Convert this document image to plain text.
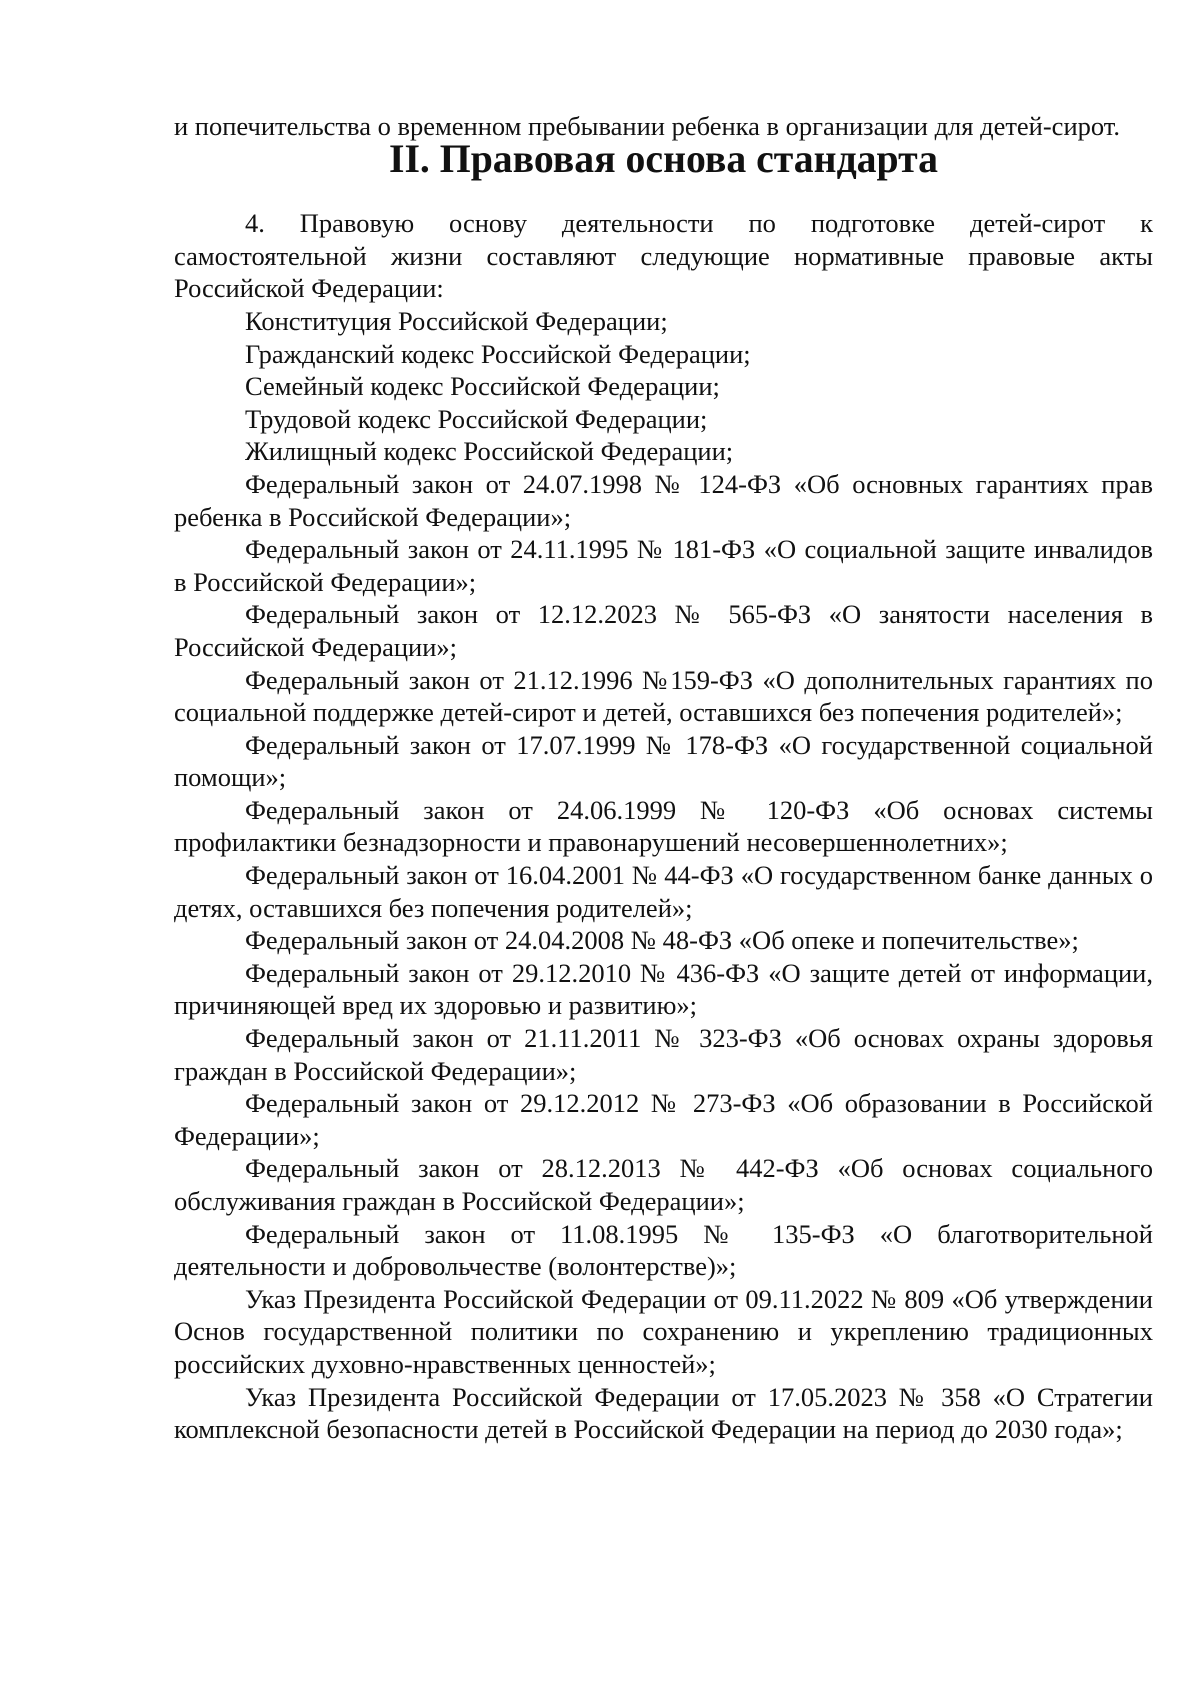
и попечительства о временном пребывании ребенка в организации для детей-сирот.

II. Правовая основа стандарта

4. Правовую основу деятельности по подготовке детей-сирот к самостоятельной жизни составляют следующие нормативные правовые акты Российской Федерации:

Конституция Российской Федерации;

Гражданский кодекс Российской Федерации;

Семейный кодекс Российской Федерации;

Трудовой кодекс Российской Федерации;

Жилищный кодекс Российской Федерации;

Федеральный закон от 24.07.1998 № 124-ФЗ «Об основных гарантиях прав ребенка в Российской Федерации»;

Федеральный закон от 24.11.1995 № 181-ФЗ «О социальной защите инвалидов в Российской Федерации»;

Федеральный закон от 12.12.2023 № 565-ФЗ «О занятости населения в Российской Федерации»;

Федеральный закон от 21.12.1996 №159-ФЗ «О дополнительных гарантиях по социальной поддержке детей-сирот и детей, оставшихся без попечения родителей»;

Федеральный закон от 17.07.1999 № 178-ФЗ «О государственной социальной помощи»;

Федеральный закон от 24.06.1999 № 120-ФЗ «Об основах системы профилактики безнадзорности и правонарушений несовершеннолетних»;

Федеральный закон от 16.04.2001 № 44-ФЗ «О государственном банке данных о детях, оставшихся без попечения родителей»;

Федеральный закон от 24.04.2008 № 48-ФЗ «Об опеке и попечительстве»;

Федеральный закон от 29.12.2010 № 436-ФЗ «О защите детей от информации, причиняющей вред их здоровью и развитию»;

Федеральный закон от 21.11.2011 № 323-ФЗ «Об основах охраны здоровья граждан в Российской Федерации»;

Федеральный закон от 29.12.2012 № 273-ФЗ «Об образовании в Российской Федерации»;

Федеральный закон от 28.12.2013 № 442-ФЗ «Об основах социального обслуживания граждан в Российской Федерации»;

Федеральный закон от 11.08.1995 № 135-ФЗ «О благотворительной деятельности и добровольчестве (волонтерстве)»;

Указ Президента Российской Федерации от 09.11.2022 № 809 «Об утверждении Основ государственной политики по сохранению и укреплению традиционных российских духовно-нравственных ценностей»;

Указ Президента Российской Федерации от 17.05.2023 № 358 «О Стратегии комплексной безопасности детей в Российской Федерации на период до 2030 года»;
